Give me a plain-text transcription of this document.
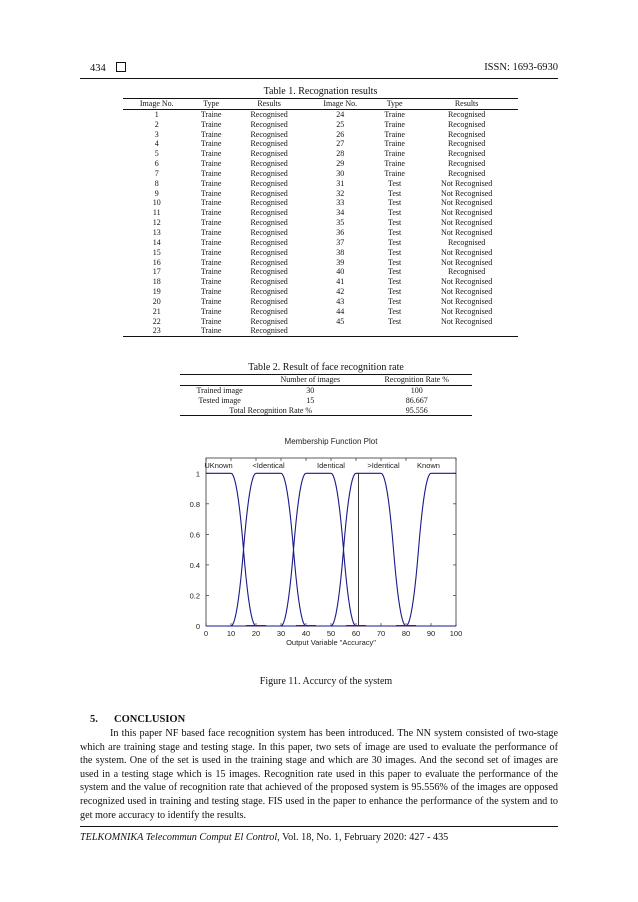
434	ISSN: 1693-6930
Table 1. Recognation results
Image No.	Type	Results	Image No.	Type	Results
1	Traine	Recognised	24	Traine	Recognised
2	Traine	Recognised	25	Traine	Recognised
3	Traine	Recognised	26	Traine	Recognised
4	Traine	Recognised	27	Traine	Recognised
5	Traine	Recognised	28	Traine	Recognised
6	Traine	Recognised	29	Traine	Recognised
7	Traine	Recognised	30	Traine	Recognised
8	Traine	Recognised	31	Test	Not Recognised
9	Traine	Recognised	32	Test	Not Recognised
10	Traine	Recognised	33	Test	Not Recognised
11	Traine	Recognised	34	Test	Not Recognised
12	Traine	Recognised	35	Test	Not Recognised
13	Traine	Recognised	36	Test	Not Recognised
14	Traine	Recognised	37	Test	Recognised
15	Traine	Recognised	38	Test	Not Recognised
16	Traine	Recognised	39	Test	Not Recognised
17	Traine	Recognised	40	Test	Recognised
18	Traine	Recognised	41	Test	Not Recognised
19	Traine	Recognised	42	Test	Not Recognised
20	Traine	Recognised	43	Test	Not Recognised
21	Traine	Recognised	44	Test	Not Recognised
22	Traine	Recognised	45	Test	Not Recognised
23	Traine	Recognised			
Table 2. Result of face recognition rate
	Number of images	Recognition Rate %
Trained image	30	100
Tested image	15	86.667
Total Recognition Rate %		95.556
Membership Function Plot
0 10 20 30 40 50 60 70 80 90 100
0
0.2
0.4
0.6
0.8
1
Output Variable "Accuracy"
UKnown	<Identical	Identical	>Identical Known
Figure 11. Accurcy of the system
5. CONCLUSION
In this paper NF based face recognition system has been introduced. The NN system consisted of two-stage which are training stage and testing stage. In this paper, two sets of image are used to evaluate the performance of the system. One of the set is used in the training stage and which are 30 images. And the second set of images are used in a testing stage which is 15 images. Recognition rate used in this paper to evaluate the performance of the system and the value of recognition rate that achieved of the proposed system is 95.556% of the images are opposed recognized used in training and testing stage. FIS used in the paper to enhance the performance of the system and to get more accuracy to identify the results.
TELKOMNIKA Telecommun Comput El Control, Vol. 18, No. 1, February 2020: 427 - 435
